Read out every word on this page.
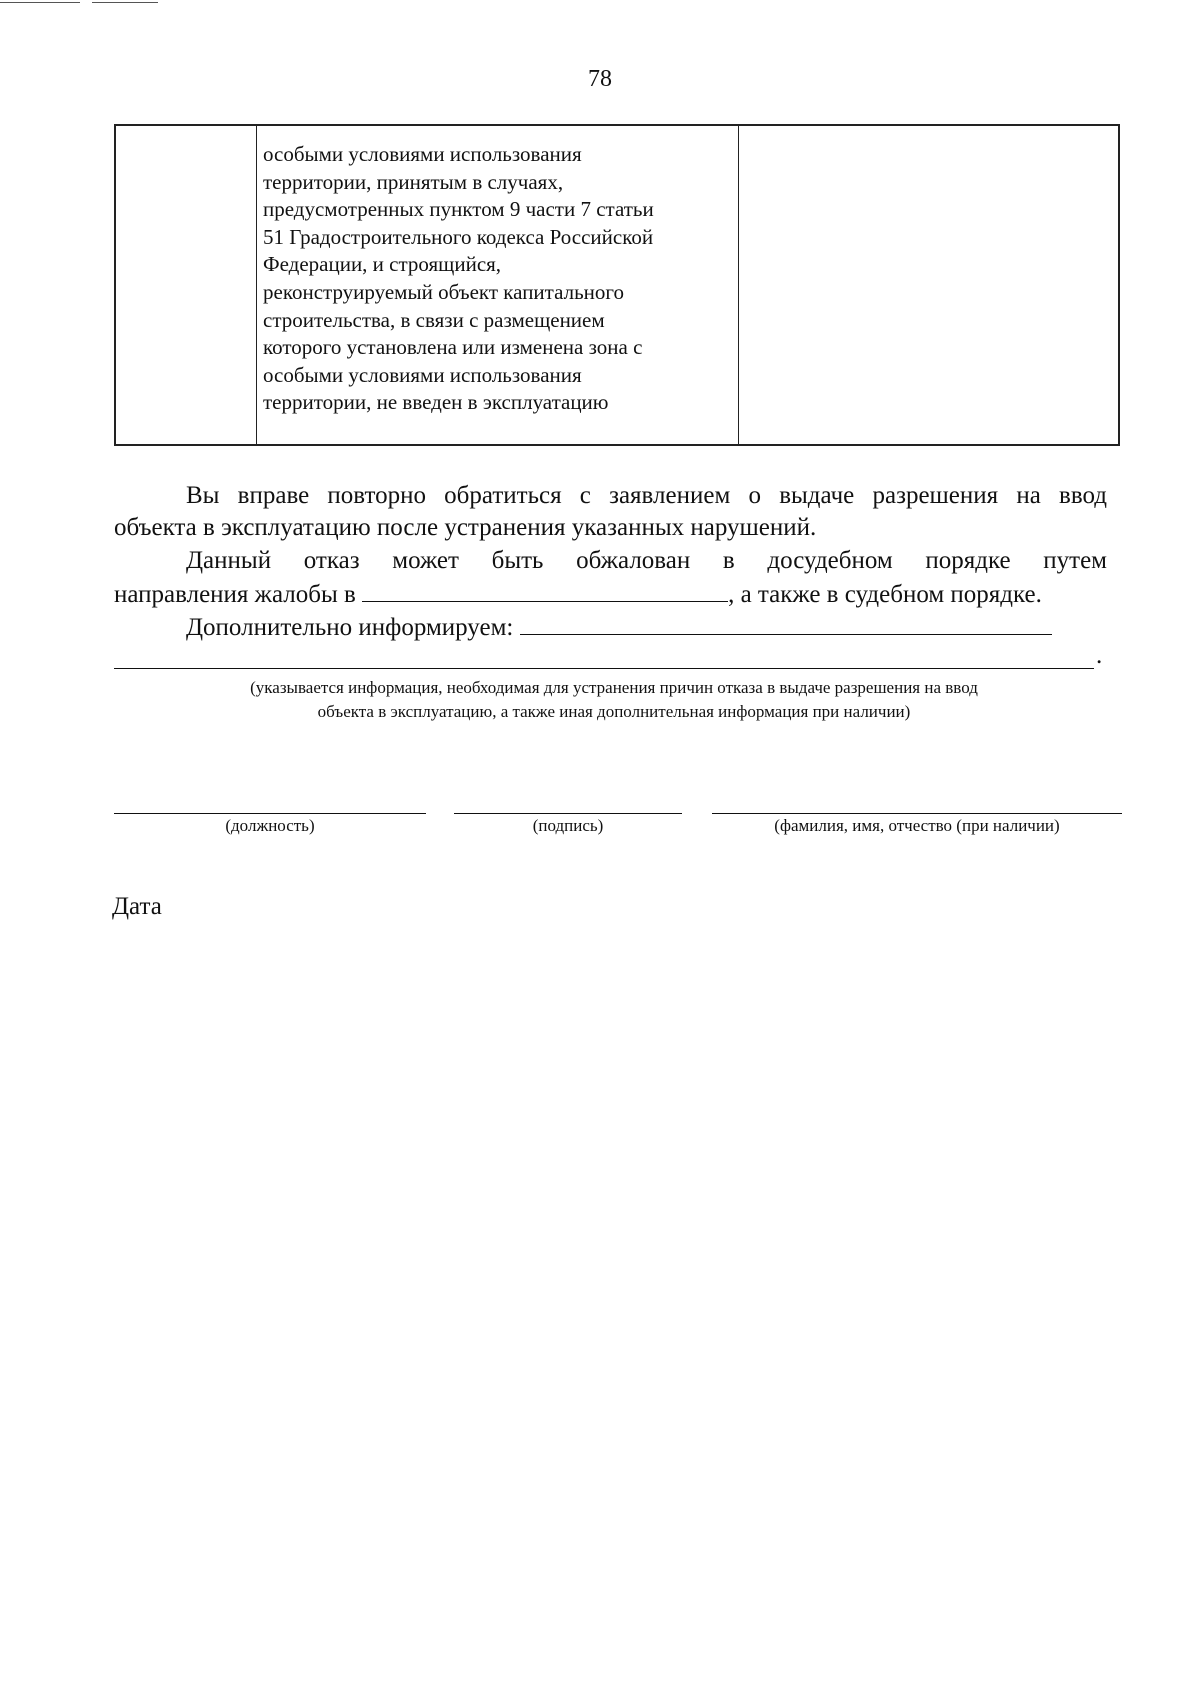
78
особыми условиями использования
территории, принятым в случаях,
предусмотренных пунктом 9 части 7 статьи
51 Градостроительного кодекса Российской
Федерации, и строящийся,
реконструируемый объект капитального
строительства, в связи с размещением
которого установлена или изменена зона с
особыми условиями использования
территории, не введен в эксплуатацию
Вы вправе повторно обратиться с заявлением о выдаче разрешения на ввод
объекта в эксплуатацию после устранения указанных нарушений.
Данный отказ может быть обжалован в досудебном порядке путем
направления жалобы в	, а также в судебном порядке.
Дополнительно информируем:
.
(указывается информация, необходимая для устранения причин отказа в выдаче разрешения на ввод
объекта в эксплуатацию, а также иная дополнительная информация при наличии)
(должность)	(подпись)	(фамилия, имя, отчество (при наличии)
Дата
